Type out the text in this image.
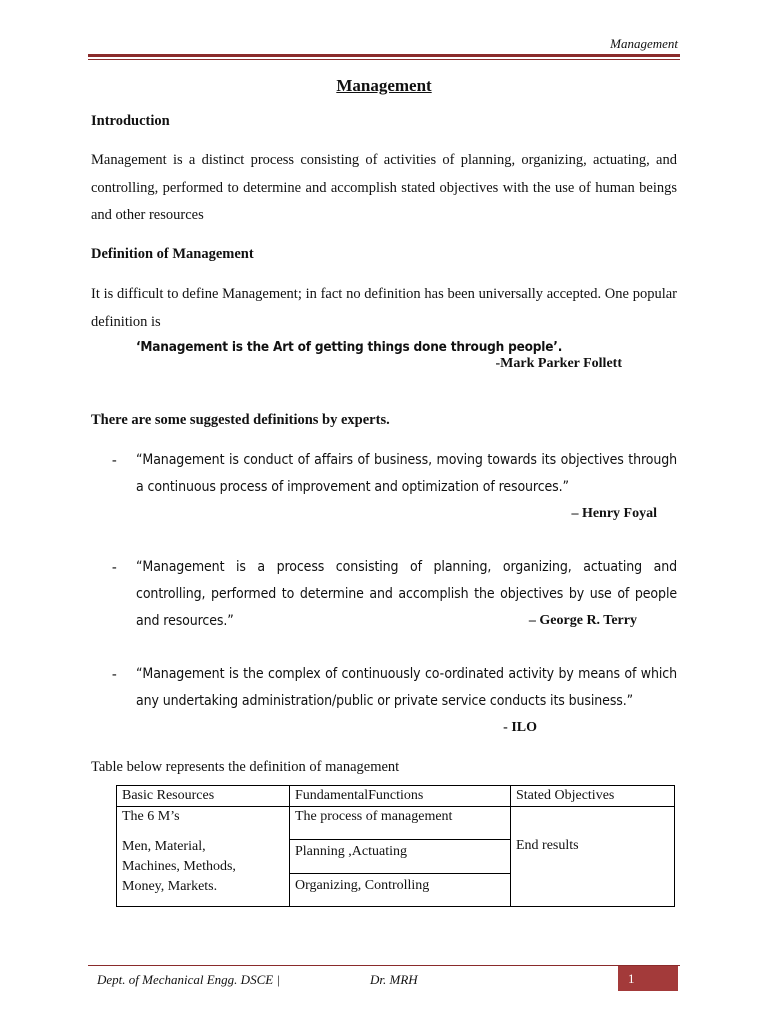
Management
Management
Introduction
Management is a distinct process consisting of activities of planning, organizing, actuating, and controlling, performed to determine and accomplish stated objectives with the use of human beings and other resources
Definition of Management
It is difficult to define Management; in fact no definition has been universally accepted. One popular definition is
‘Management is the Art of getting things done through people’.
-Mark Parker Follett
There are some suggested definitions by experts.
- “Management is conduct of affairs of business, moving towards its objectives through a continuous process of improvement and optimization of resources.”
– Henry Foyal
- “Management is a process consisting of planning, organizing, actuating and controlling, performed to determine and accomplish the objectives by use of people and resources.”	– George R. Terry
- “Management is the complex of continuously co-ordinated activity by means of which any undertaking administration/public or private service conducts its business.”
- ILO
Table below represents the definition of management
Basic Resources	FundamentalFunctions	Stated Objectives

The 6 M’s
Men, Material, Machines, Methods, Money, Markets.	The process of management	End results
	Planning ,Actuating	
	Organizing, Controlling	
Dept. of Mechanical Engg. DSCE |	Dr. MRH	1
